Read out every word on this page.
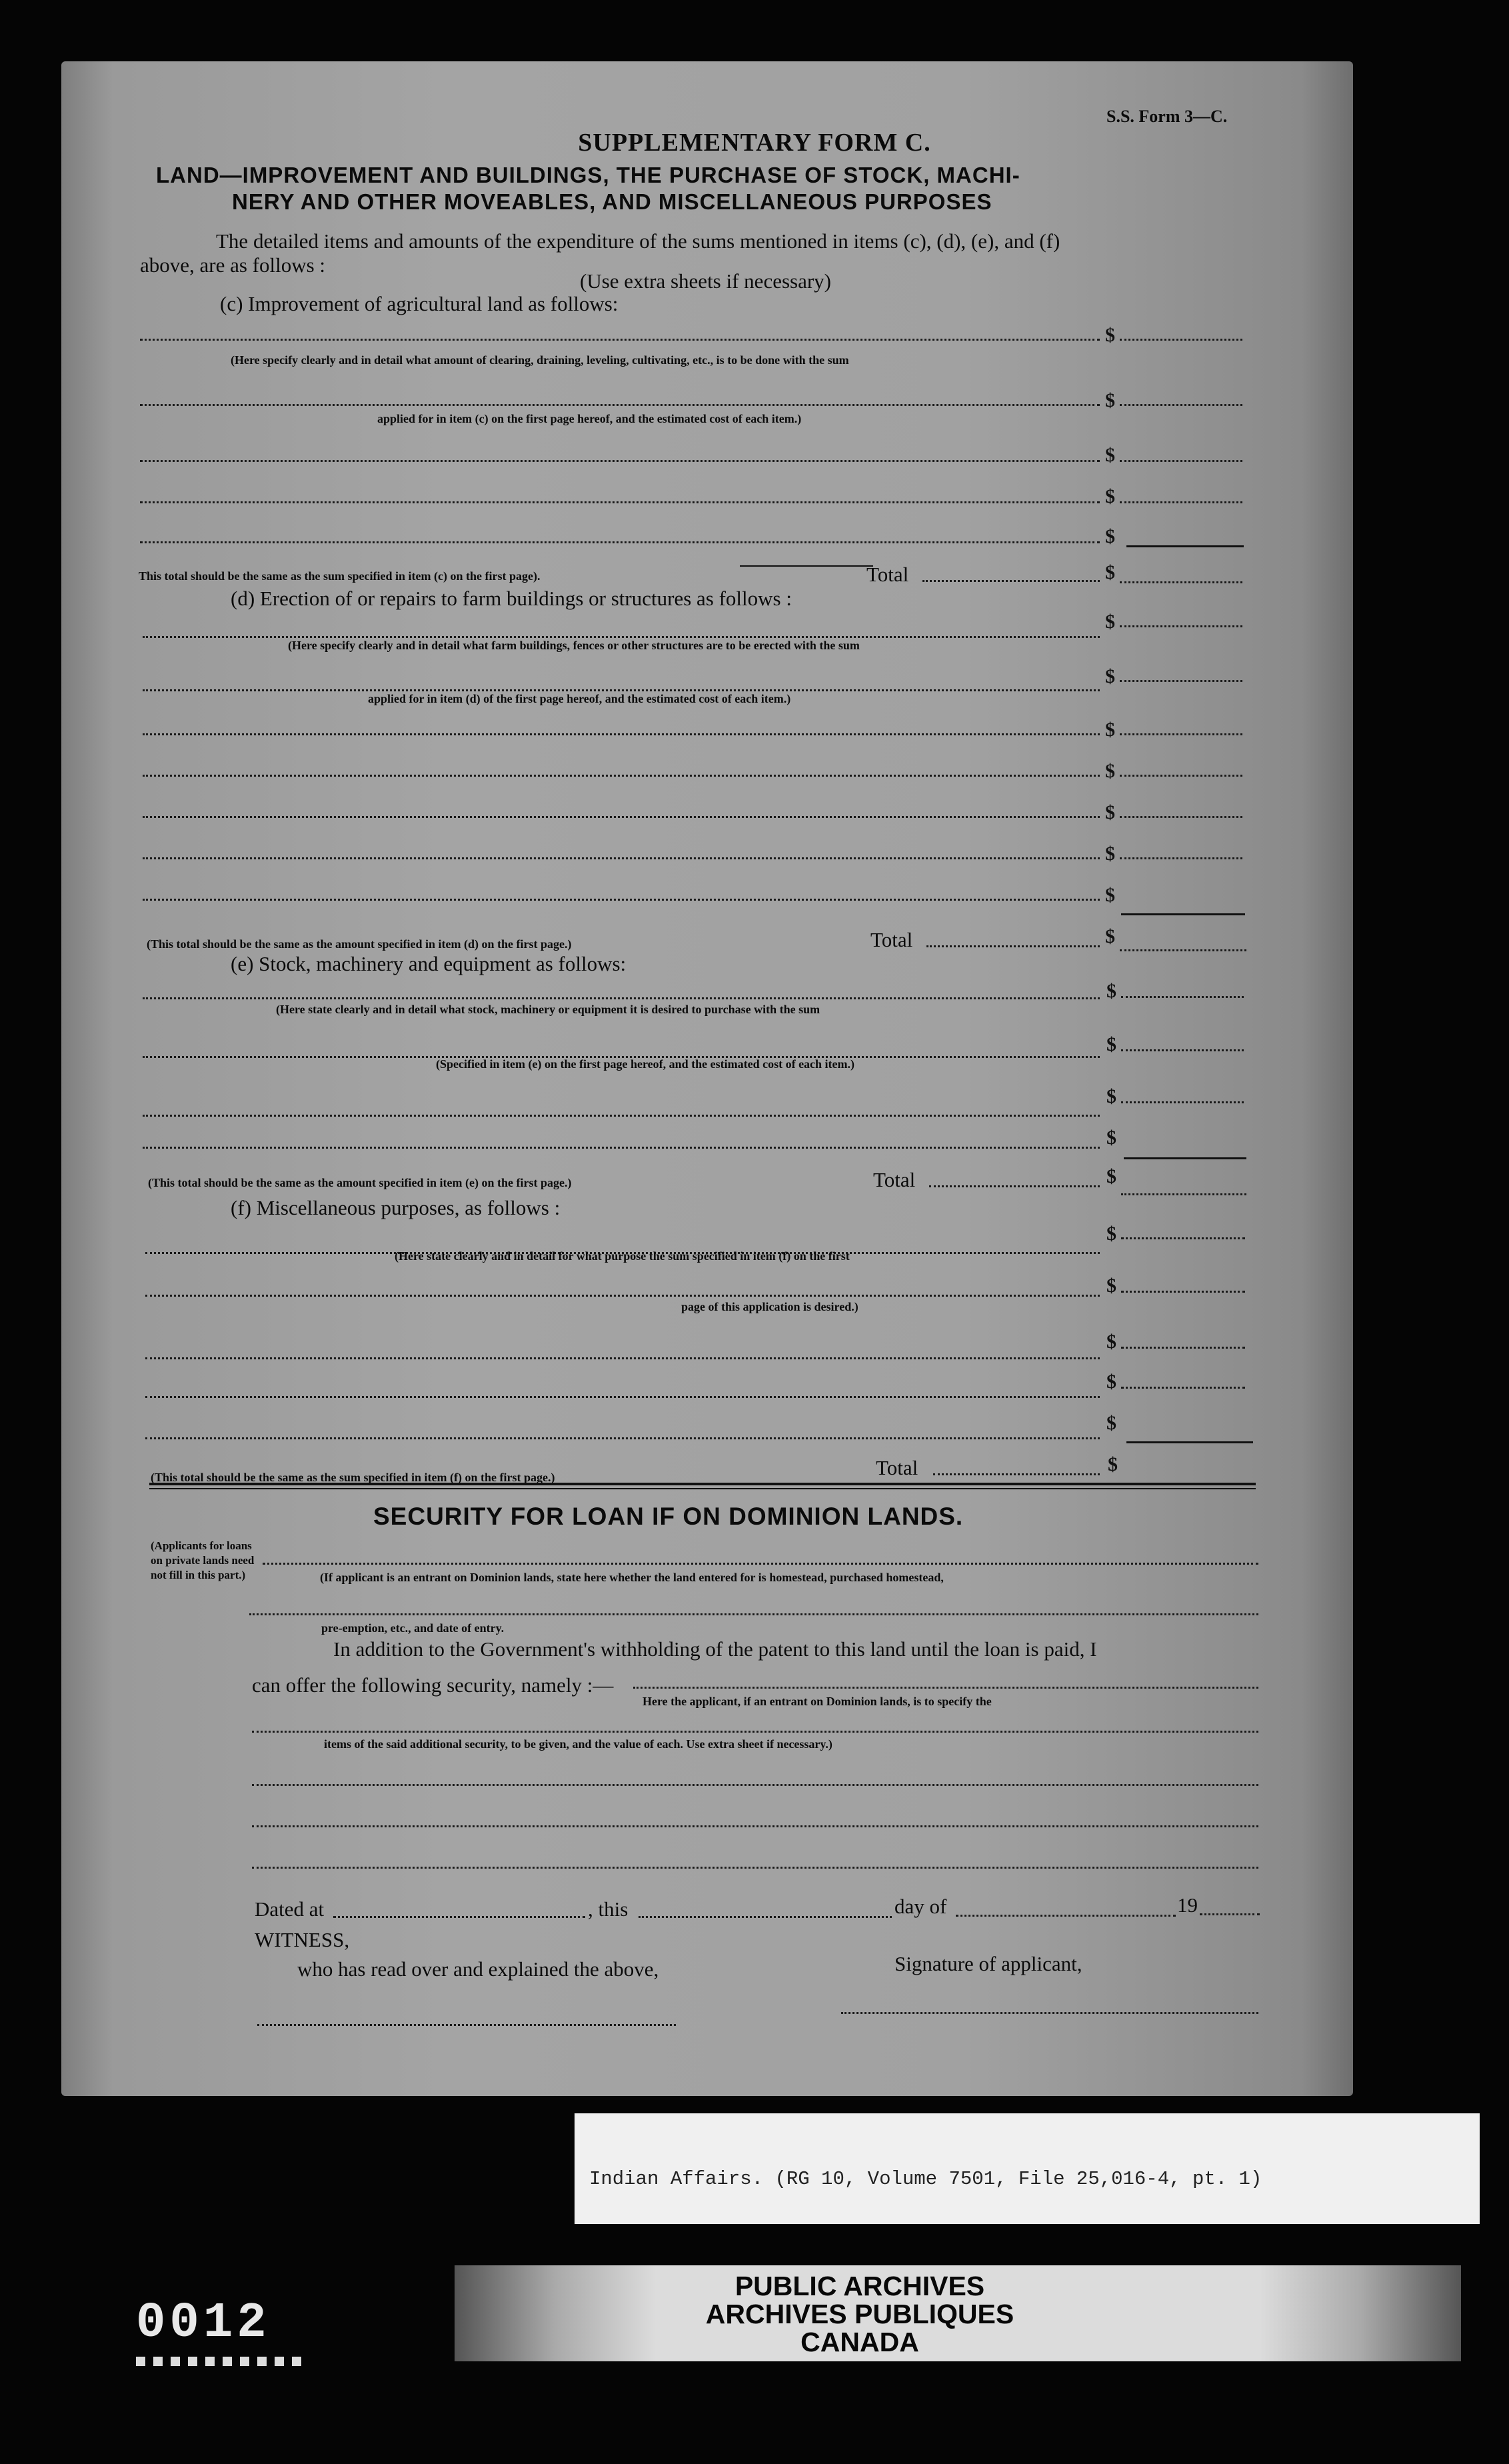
S.S. Form 3—C.
SUPPLEMENTARY FORM C.
LAND—IMPROVEMENT AND BUILDINGS, THE PURCHASE OF STOCK, MACHI-
NERY AND OTHER MOVEABLES, AND MISCELLANEOUS PURPOSES
The detailed items and amounts of the expenditure of the sums mentioned in items (c), (d), (e), and (f)
above, are as follows :
(Use extra sheets if necessary)
(c) Improvement of agricultural land as follows:
$
(Here specify clearly and in detail what amount of clearing, draining, leveling, cultivating, etc., is to be done with the sum
$
applied for in item (c) on the first page hereof, and the estimated cost of each item.)
$
$
$
This total should be the same as the sum specified in item (c) on the first page).	Total	$
(d) Erection of or repairs to farm buildings or structures as follows :
$
(Here specify clearly and in detail what farm buildings, fences or other structures are to be erected with the sum
$
applied for in item (d) of the first page hereof, and the estimated cost of each item.)
$
$
$
$
$
(This total should be the same as the amount specified in item (d) on the first page.)	Total	$
(e) Stock, machinery and equipment as follows:
$
(Here state clearly and in detail what stock, machinery or equipment it is desired to purchase with the sum
$
(Specified in item (e) on the first page hereof, and the estimated cost of each item.)
$
$
(This total should be the same as the amount specified in item (e) on the first page.)	Total	$
(f) Miscellaneous purposes, as follows :
$
(Here state clearly and in detail for what purpose the sum specified in item (f) on the first
$
page of this application is desired.)
$
$
$
(This total should be the same as the sum specified in item (f) on the first page.)	Total	$
SECURITY FOR LOAN IF ON DOMINION LANDS.
(Applicants for loans on private lands need not fill in this part.)	(If applicant is an entrant on Dominion lands, state here whether the land entered for is homestead, purchased homestead,
pre-emption, etc., and date of entry.
In addition to the Government's withholding of the patent to this land until the loan is paid, I
can offer the following security, namely :—
Here the applicant, if an entrant on Dominion lands, is to specify the
items of the said additional security, to be given, and the value of each. Use extra sheet if necessary.)
Dated at	, this	day of	19
WITNESS,
who has read over and explained the above,	Signature of applicant,
Indian Affairs. (RG 10, Volume 7501, File 25,016-4, pt. 1)
PUBLIC ARCHIVES
ARCHIVES PUBLIQUES
CANADA
0012
